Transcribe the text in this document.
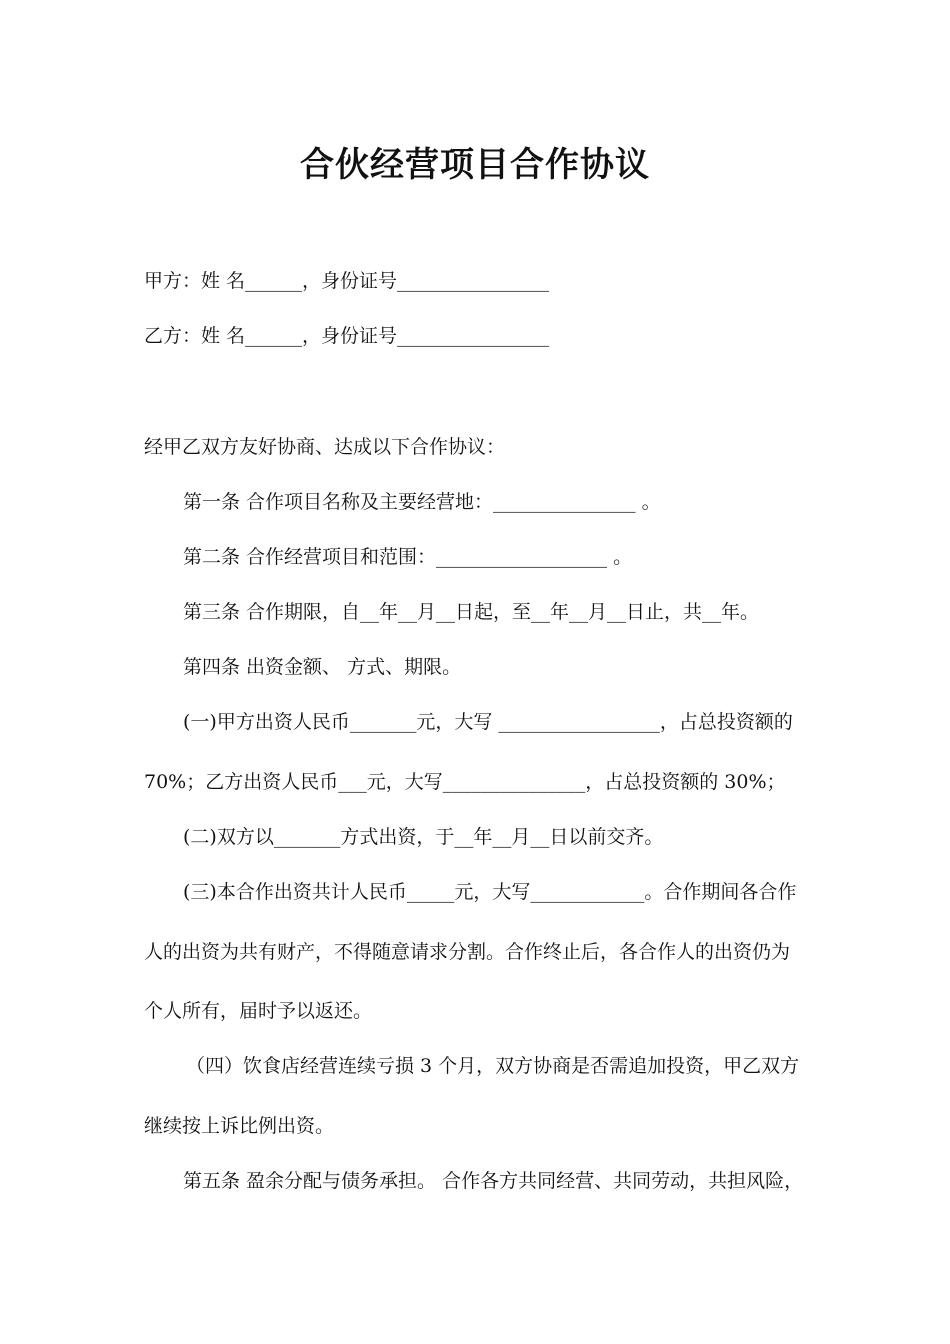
合伙经营项目合作协议
甲方：姓 名______，身份证号________________
乙方：姓 名______，身份证号________________
经甲乙双方友好协商、达成以下合作协议：
第一条 合作项目名称及主要经营地：_______________ 。
第二条 合作经营项目和范围：__________________ 。
第三条 合作期限，自__年__月__日起，至__年__月__日止，共__年。
第四条 出资金额、 方式、期限。
(一)甲方出资人民币_______元，大写 _________________，占总投资额的
70%；乙方出资人民币___元，大写_______________，占总投资额的 30%；
(二)双方以_______方式出资，于__年__月__日以前交齐。
(三)本合作出资共计人民币_____元，大写____________。合作期间各合作
人的出资为共有财产，不得随意请求分割。合作终止后，各合作人的出资仍为
个人所有，届时予以返还。
（四）饮食店经营连续亏损 3 个月，双方协商是否需追加投资，甲乙双方
继续按上诉比例出资。
第五条 盈余分配与债务承担。 合作各方共同经营、共同劳动，共担风险，
